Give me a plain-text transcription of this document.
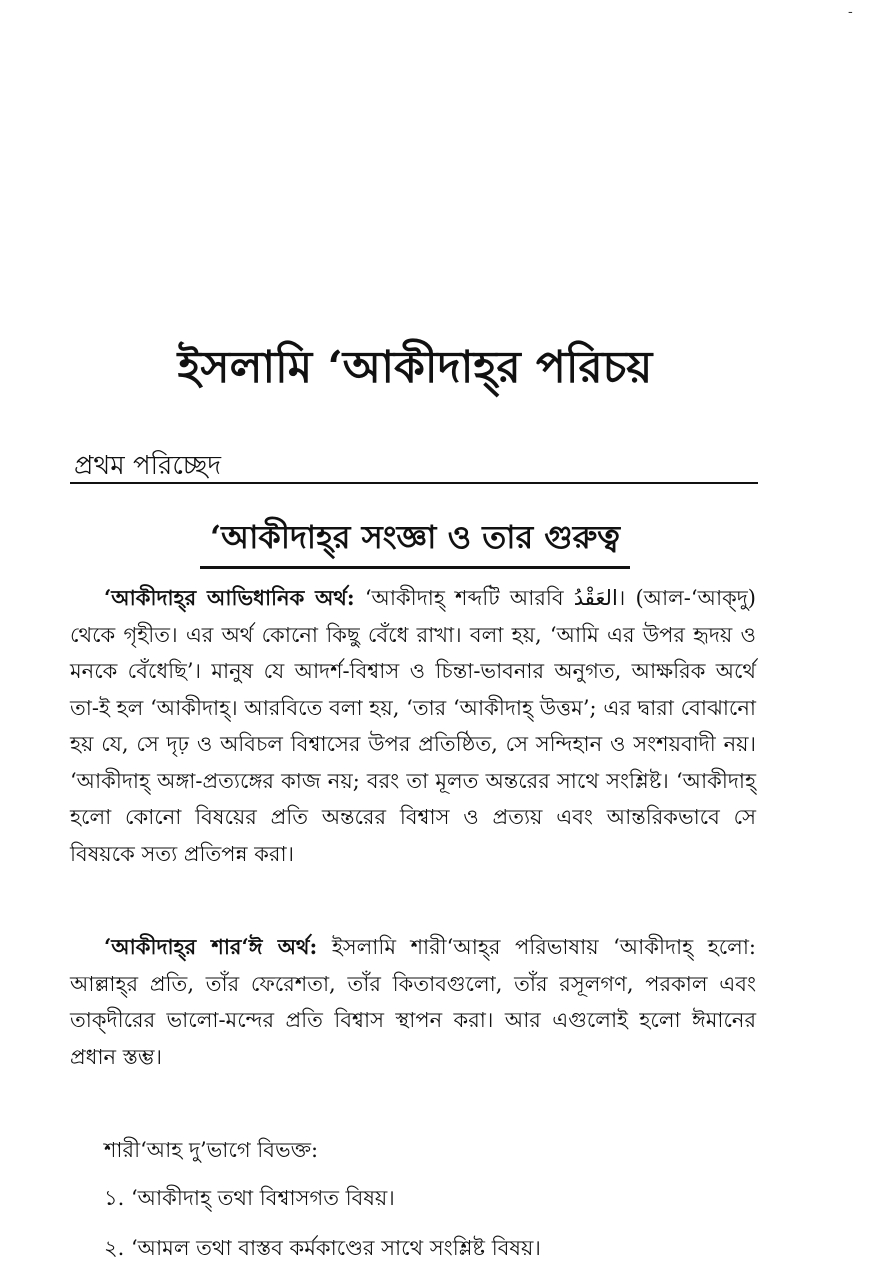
-
ইসলামি ‘আকীদাহ্‌র পরিচয়
প্রথম পরিচ্ছেদ
‘আকীদাহ্‌র সংজ্ঞা ও তার গুরুত্ব

‘আকীদাহ্‌র আভিধানিক অর্থ: ‘আকীদাহ্ শব্দটি আরবি العَقْدُ। (আল-‘আক্‌দু) থেকে গৃহীত। এর অর্থ কোনো কিছু বেঁধে রাখা। বলা হয়, ‘আমি এর উপর হৃদয় ও মনকে বেঁধেছি’। মানুষ যে আদর্শ-বিশ্বাস ও চিন্তা-ভাবনার অনুগত, আক্ষরিক অর্থে তা-ই হল ‘আকীদাহ্। আরবিতে বলা হয়, ‘তার ‘আকীদাহ্ উত্তম’; এর দ্বারা বোঝানো হয় যে, সে দৃঢ় ও অবিচল বিশ্বাসের উপর প্রতিষ্ঠিত, সে সন্দিহান ও সংশয়বাদী নয়। ‘আকীদাহ্ অঙ্গা-প্রত্যঙ্গের কাজ নয়; বরং তা মূলত অন্তরের সাথে সংশ্লিষ্ট। ‘আকীদাহ্ হলো কোনো বিষয়ের প্রতি অন্তরের বিশ্বাস ও প্রত্যয় এবং আন্তরিকভাবে সে বিষয়কে সত্য প্রতিপন্ন করা।

‘আকীদাহ্‌র শার‘ঈ অর্থ: ইসলামি শারী‘আহ্‌র পরিভাষায় ‘আকীদাহ্ হলো: আল্লাহ্‌র প্রতি, তাঁর ফেরেশতা, তাঁর কিতাবগুলো, তাঁর রসূলগণ, পরকাল এবং তাক্‌দীরের ভালো-মন্দের প্রতি বিশ্বাস স্থাপন করা। আর এগুলোই হলো ঈমানের প্রধান স্তম্ভ।

শারী‘আহ দু’ভাগে বিভক্ত:

১. ‘আকীদাহ্ তথা বিশ্বাসগত বিষয়।

২. ‘আমল তথা বাস্তব কর্মকাণ্ডের সাথে সংশ্লিষ্ট বিষয়।
